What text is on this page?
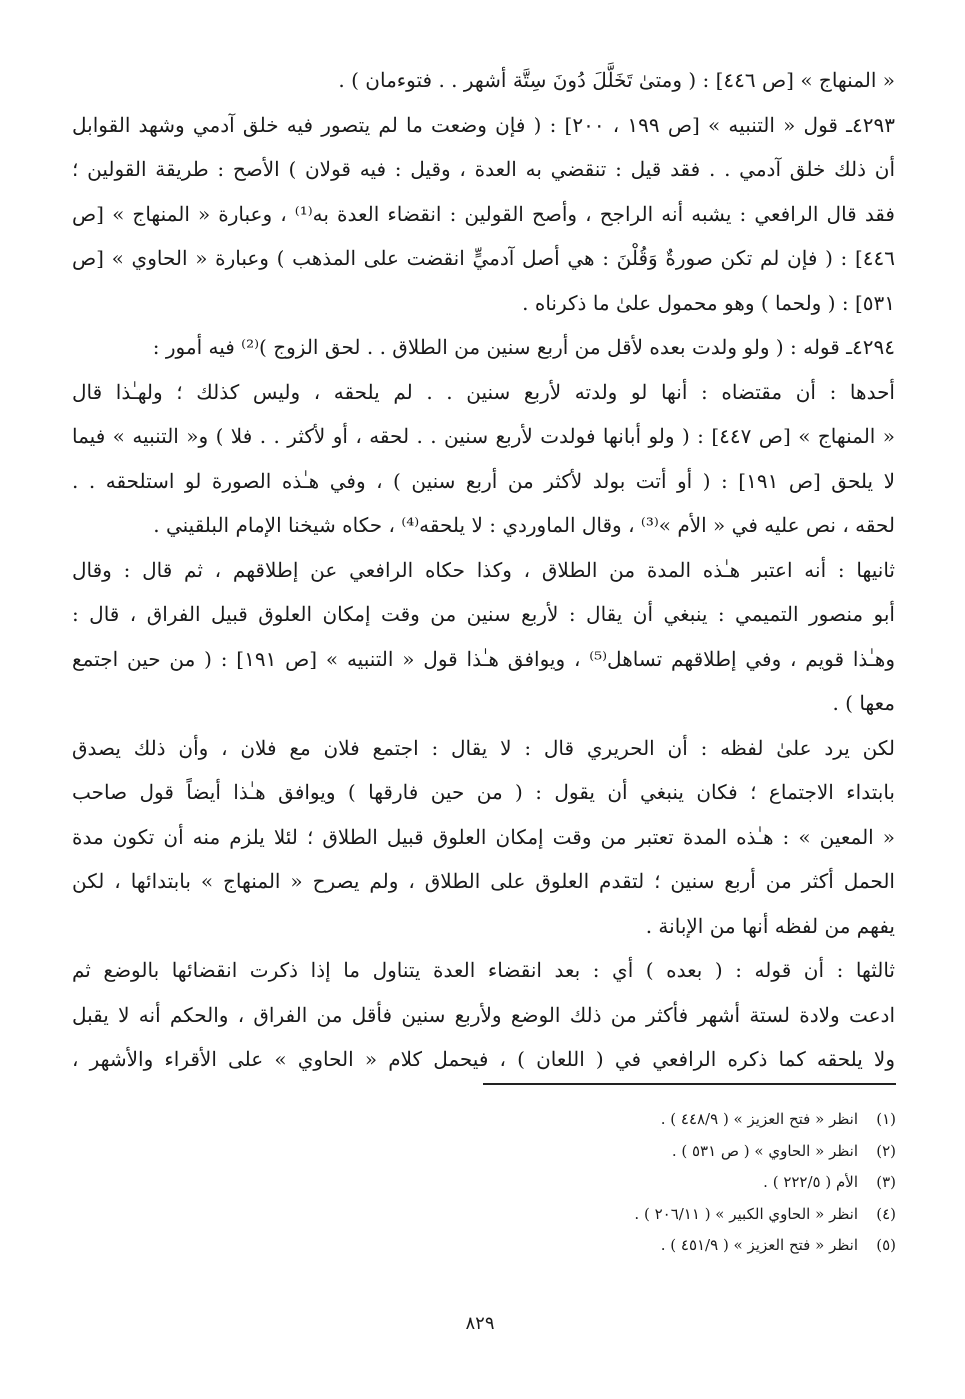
« المنهاج » [ص ٤٤٦] : ( ومتىٰ تَخَلَّلَ دُونَ سِتَّة أشهر . . فتوءمان ) .
٤٢٩٣ـ قول « التنبيه » [ص ١٩٩ ، ٢٠٠] : ( فإن وضعت ما لم يتصور فيه خلق آدمي وشهد القوابل
أن ذلك خلق آدمي . . فقد قيل : تنقضي به العدة ، وقيل : فيه قولان ) الأصح : طريقة القولين ؛
فقد قال الرافعي : يشبه أنه الراجح ، وأصح القولين : انقضاء العدة به⁽¹⁾ ، وعبارة « المنهاج » [ص
٤٤٦] : ( فإن لم تكن صورةٌ وَقُلْنَ : هي أصل آدميٍّ انقضت على المذهب ) وعبارة « الحاوي » [ص
٥٣١] : ( ولحما ) وهو محمول علىٰ ما ذكرناه .
٤٢٩٤ـ قوله : ( ولو ولدت بعده لأقل من أربع سنين من الطلاق . . لحق الزوج )⁽²⁾ فيه أمور :
أحدها : أن مقتضاه : أنها لو ولدته لأربع سنين . . لم يلحقه ، وليس كذلك ؛ ولهـٰذا قال
« المنهاج » [ص ٤٤٧] : ( ولو أبانها فولدت لأربع سنين . . لحقه ، أو لأكثر . . فلا ) و« التنبيه » فيما
لا يلحق [ص ١٩١] : ( أو أتت بولد لأكثر من أربع سنين ) ، وفي هـٰذه الصورة لو استلحقه . .
لحقه ، نص عليه في « الأم »⁽³⁾ ، وقال الماوردي : لا يلحقه⁽⁴⁾ ، حكاه شيخنا الإمام البلقيني .
ثانيها : أنه اعتبر هـٰذه المدة من الطلاق ، وكذا حكاه الرافعي عن إطلاقهم ، ثم قال : وقال
أبو منصور التميمي : ينبغي أن يقال : لأربع سنين من وقت إمكان العلوق قبيل الفراق ، قال :
وهـٰذا قويم ، وفي إطلاقهم تساهل⁽⁵⁾ ، ويوافق هـٰذا قول « التنبيه » [ص ١٩١] : ( من حين اجتمع
معها ) .
لكن يرد علىٰ لفظه : أن الحريري قال : لا يقال : اجتمع فلان مع فلان ، وأن ذلك يصدق
بابتداء الاجتماع ؛ فكان ينبغي أن يقول : ( من حين فارقها ) ويوافق هـٰذا أيضاً قول صاحب
« المعين » : هـٰذه المدة تعتبر من وقت إمكان العلوق قبيل الطلاق ؛ لئلا يلزم منه أن تكون مدة
الحمل أكثر من أربع سنين ؛ لتقدم العلوق على الطلاق ، ولم يصرح « المنهاج » بابتدائها ، لكن
يفهم من لفظه أنها من الإبانة .
ثالثها : أن قوله : ( بعده ) أي : بعد انقضاء العدة يتناول ما إذا ذكرت انقضائها بالوضع ثم
ادعت ولادة لستة أشهر فأكثر من ذلك الوضع ولأربع سنين فأقل من الفراق ، والحكم أنه لا يقبل
ولا يلحقه كما ذكره الرافعي في ( اللعان ) ، فيحمل كلام « الحاوي » على الأقراء والأشهر ،
(١)انظر « فتح العزيز » ( ٤٤٨/٩ ) .
(٢)انظر « الحاوي » ( ص ٥٣١ ) .
(٣)الأم ( ٢٢٢/٥ ) .
(٤)انظر « الحاوي الكبير » ( ٢٠٦/١١ ) .
(٥)انظر « فتح العزيز » ( ٤٥١/٩ ) .
٨٢٩
